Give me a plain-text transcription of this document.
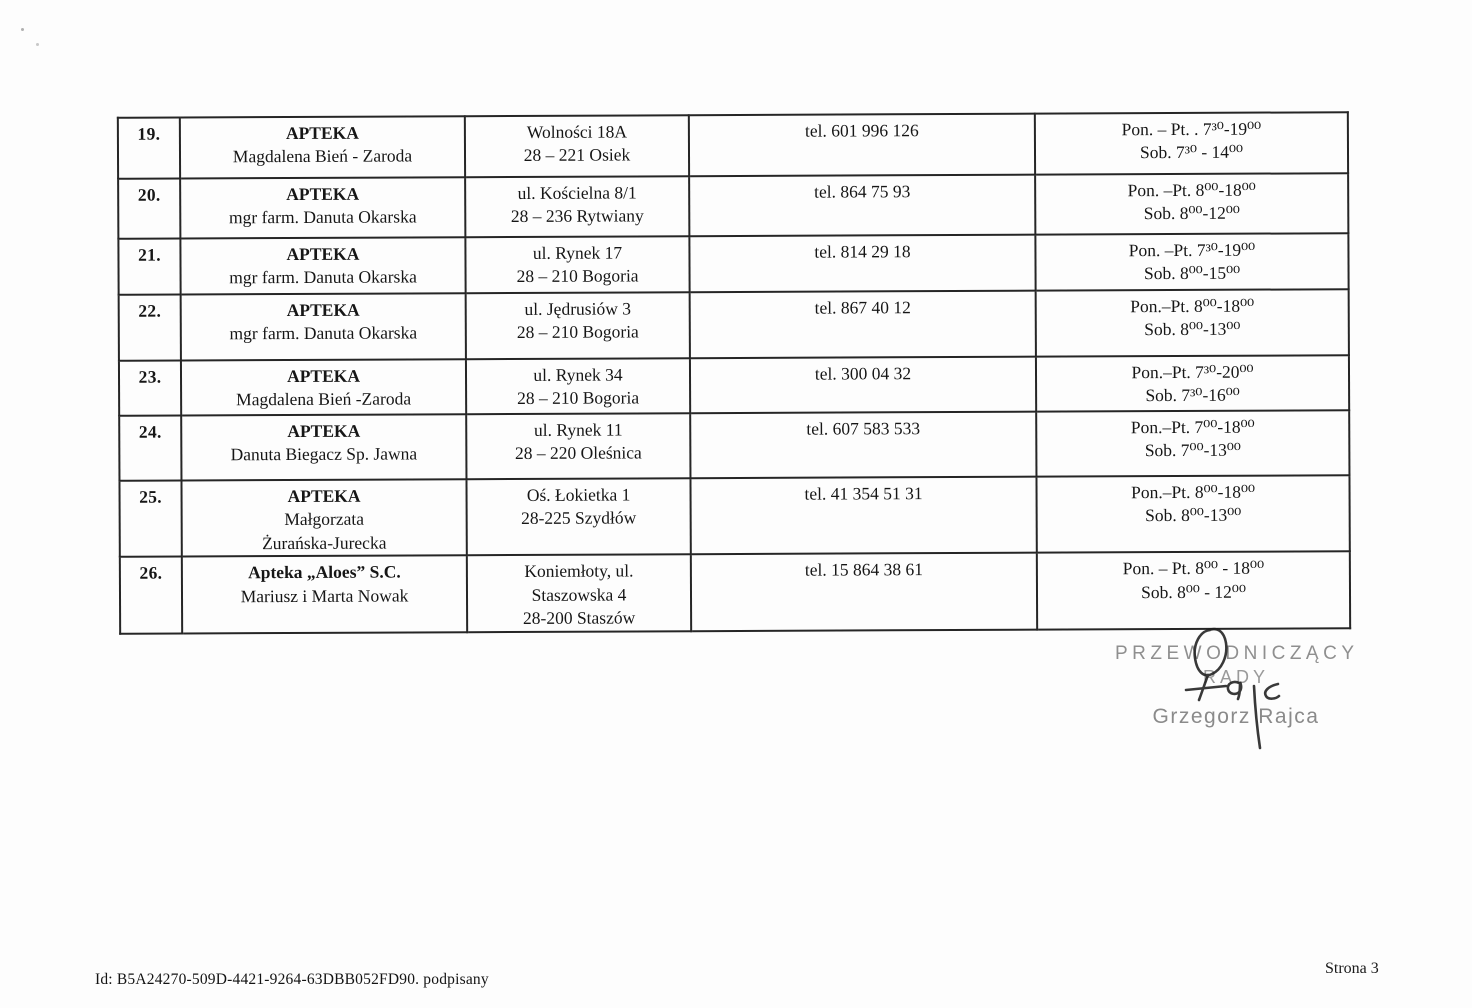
19.	APTEKA
Magdalena Bień - Zaroda
	Wolności 18A
28 – 221 Osiek	tel. 601 996 126	Pon. – Pt. . 7³⁰-19⁰⁰
Sob. 7³⁰ - 14⁰⁰
20.	APTEKA
mgr farm. Danuta Okarska
	ul. Kościelna 8/1
28 – 236 Rytwiany	tel. 864 75 93	Pon. –Pt. 8⁰⁰-18⁰⁰
Sob. 8⁰⁰-12⁰⁰
21.	APTEKA
mgr farm. Danuta Okarska
	ul. Rynek 17
28 – 210 Bogoria	tel. 814 29 18	Pon. –Pt. 7³⁰-19⁰⁰
Sob. 8⁰⁰-15⁰⁰
22.	APTEKA
mgr farm. Danuta Okarska
	ul. Jędrusiów 3
28 – 210 Bogoria	tel. 867 40 12	Pon.–Pt. 8⁰⁰-18⁰⁰
Sob. 8⁰⁰-13⁰⁰
23.	APTEKA
Magdalena Bień -Zaroda
	ul. Rynek 34
28 – 210 Bogoria	tel. 300 04 32	Pon.–Pt. 7³⁰-20⁰⁰
Sob. 7³⁰-16⁰⁰
24.	APTEKA
Danuta Biegacz Sp. Jawna
	ul. Rynek 11
28 – 220 Oleśnica	tel. 607 583 533	Pon.–Pt. 7⁰⁰-18⁰⁰
Sob. 7⁰⁰-13⁰⁰
25.	APTEKA
Małgorzata
Żurańska-Jurecka
	Oś. Łokietka 1
28-225 Szydłów	tel. 41 354 51 31	Pon.–Pt. 8⁰⁰-18⁰⁰
Sob. 8⁰⁰-13⁰⁰
26.	Apteka „Aloes” S.C.
Mariusz i Marta Nowak
	Koniemłoty, ul.
Staszowska 4
28-200 Staszów	tel. 15 864 38 61	Pon. – Pt. 8⁰⁰ - 18⁰⁰
Sob. 8⁰⁰ - 12⁰⁰
PRZEWODNICZĄCY
RADY
Grzegorz Rajca
Id: B5A24270-509D-4421-9264-63DBB052FD90. podpisany
Strona 3
